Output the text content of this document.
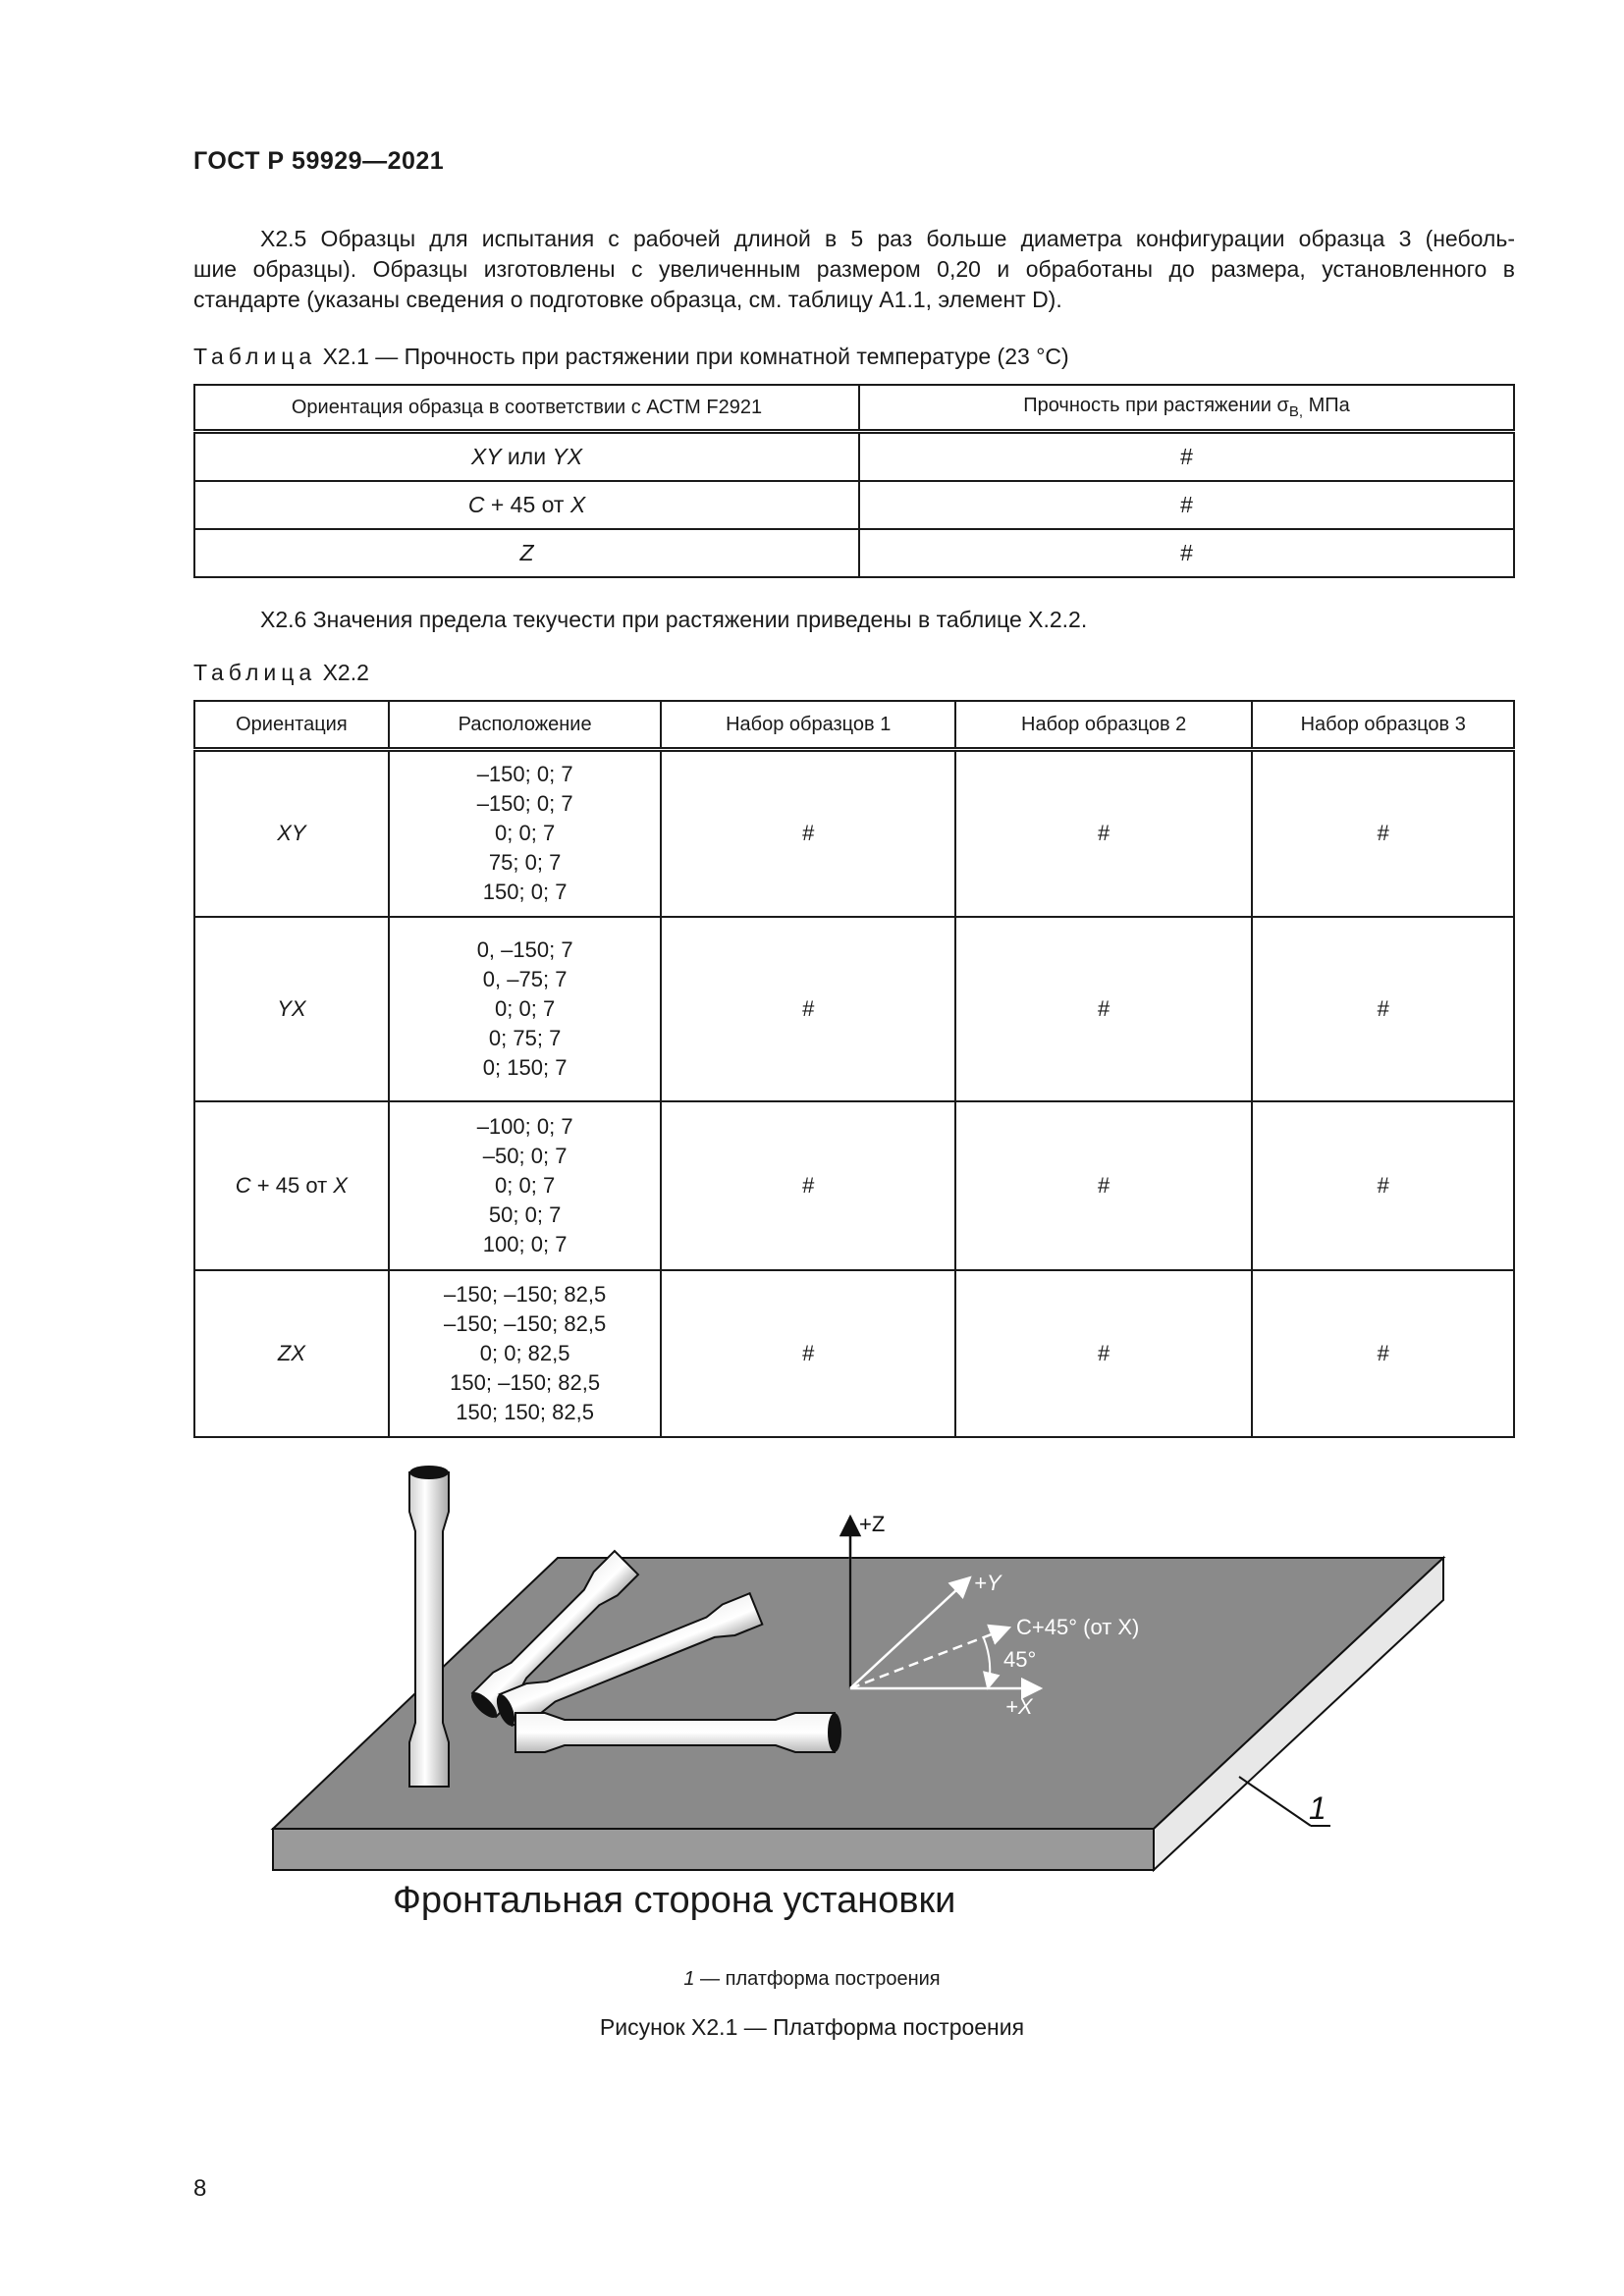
ГОСТ Р 59929—2021
Х2.5 Образцы для испытания с рабочей длиной в 5 раз больше диаметра конфигурации образца 3 (неболь-
шие образцы). Образцы изготовлены с увеличенным размером 0,20 и обработаны до размера, установленного в
стандарте (указаны сведения о подготовке образца, см. таблицу А1.1, элемент D).
Таблица Х2.1 — Прочность при растяжении при комнатной температуре (23 °С)
Ориентация образца в соответствии с АСТМ F2921	Прочность при растяжении $\sigma_{B,}$ МПа
XY или YX	#
C + 45 от X	#
Z	#
Х2.6 Значения предела текучести при растяжении приведены в таблице Х.2.2.
Таблица Х2.2
Ориентация	Расположение	Набор образцов 1	Набор образцов 2	Набор образцов 3
XY	–150; 0; 7
–150; 0; 7
0; 0; 7
75; 0; 7
150; 0; 7	#	#	#
YX	0, –150; 7
0, –75; 7
0; 0; 7
0; 75; 7
0; 150; 7	#	#	#
C + 45 от X	–100; 0; 7
–50; 0; 7
0; 0; 7
50; 0; 7
100; 0; 7	#	#	#
ZX	–150; –150; 82,5
–150; –150; 82,5
0; 0; 82,5
150; –150; 82,5
150; 150; 82,5	#	#	#
1
+Z
+Y
+X
C+45° (от X)
45°
Фронтальная сторона установки
1 — платформа построения
Рисунок Х2.1 — Платформа построения
8
